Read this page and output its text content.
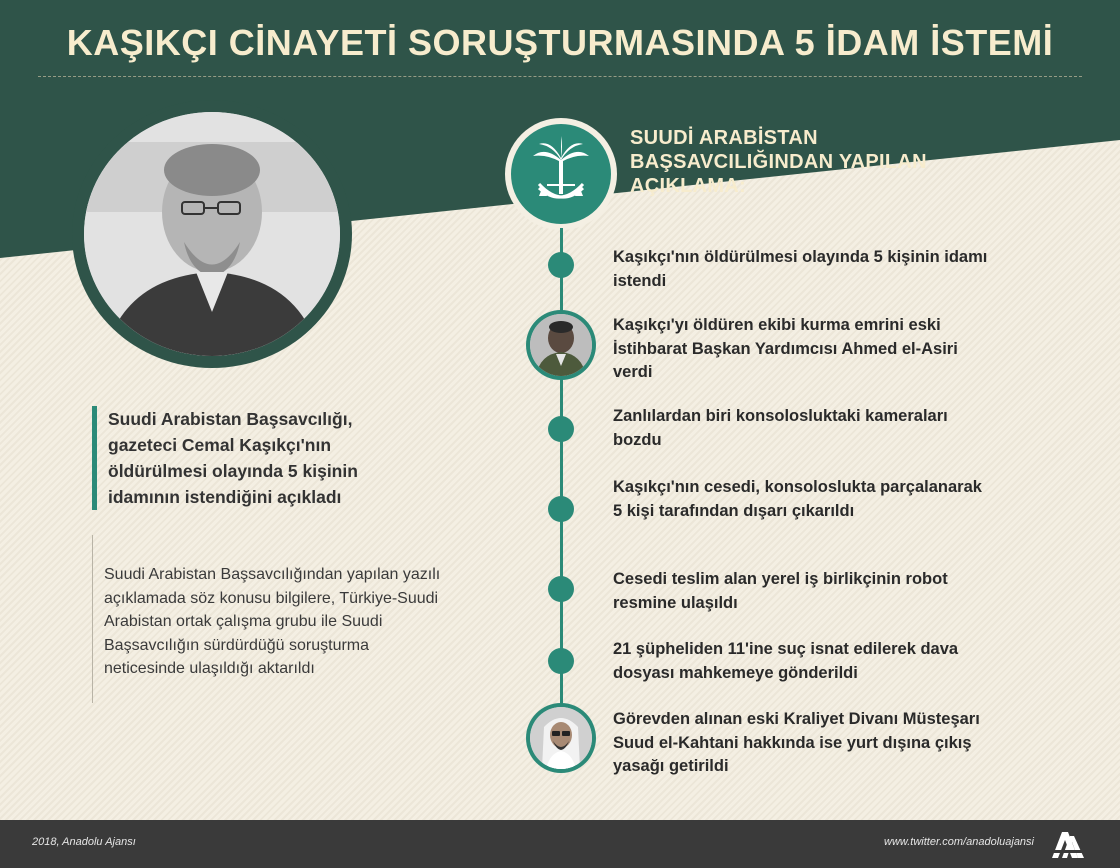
KAŞIKÇI CİNAYETİ SORUŞTURMASINDA 5 İDAM İSTEMİ
Suudi Arabistan Başsavcılığı, gazeteci Cemal Kaşıkçı'nın öldürülmesi olayında 5 kişinin idamının istendiğini açıkladı
Suudi Arabistan Başsavcılığından yapılan yazılı açıklamada söz konusu bilgilere, Türkiye-Suudi Arabistan ortak çalışma grubu ile Suudi Başsavcılığın sürdürdüğü soruşturma neticesinde ulaşıldığı aktarıldı
SUUDİ ARABİSTAN BAŞSAVCILIĞINDAN YAPILAN AÇIKLAMA:
Kaşıkçı'nın öldürülmesi olayında 5 kişinin idamı istendi
Kaşıkçı'yı öldüren ekibi kurma emrini eski İstihbarat Başkan Yardımcısı Ahmed el-Asiri verdi
Zanlılardan biri konsolosluktaki kameraları bozdu
Kaşıkçı'nın cesedi, konsoloslukta parçalanarak 5 kişi tarafından dışarı çıkarıldı
Cesedi teslim alan yerel iş birlikçinin robot resmine ulaşıldı
21 şüpheliden 11'ine suç isnat edilerek dava dosyası mahkemeye gönderildi
Görevden alınan eski Kraliyet Divanı Müsteşarı Suud el-Kahtani hakkında ise yurt dışına çıkış yasağı getirildi
2018, Anadolu Ajansı	www.twitter.com/anadoluajansi
